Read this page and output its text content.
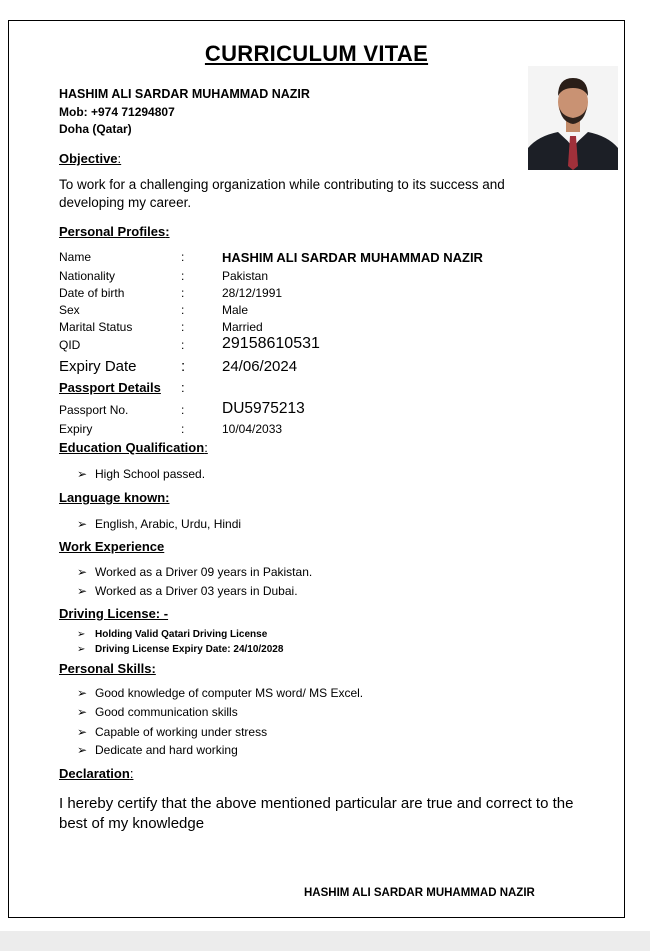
CURRICULUM VITAE
HASHIM ALI SARDAR MUHAMMAD NAZIR
Mob: +974 71294807
Doha (Qatar)
Objective:
To work for a challenging organization while contributing to its success and developing my career.
Personal Profiles:
Name	:	HASHIM ALI SARDAR MUHAMMAD NAZIR
Nationality	:	Pakistan
Date of birth	:	28/12/1991
Sex	:	Male
Marital Status	:	Married
QID	: 29158610531
Expiry Date	: 24/06/2024
Passport Details :
Passport No.	: DU5975213
Expiry	:	10/04/2033
Education Qualification:
➢ High School passed.
Language known:
➢ English, Arabic, Urdu, Hindi
Work Experience
➢ Worked as a Driver 09 years in Pakistan.
➢ Worked as a Driver 03 years in Dubai.
Driving License: -
➢ Holding Valid Qatari Driving License
➢ Driving License Expiry Date: 24/10/2028
Personal Skills:
➢ Good knowledge of computer MS word/ MS Excel.
➢ Good communication skills
➢ Capable of working under stress
➢ Dedicate and hard working
Declaration:
I hereby certify that the above mentioned particular are true and correct to the best of my knowledge
HASHIM ALI SARDAR MUHAMMAD NAZIR
